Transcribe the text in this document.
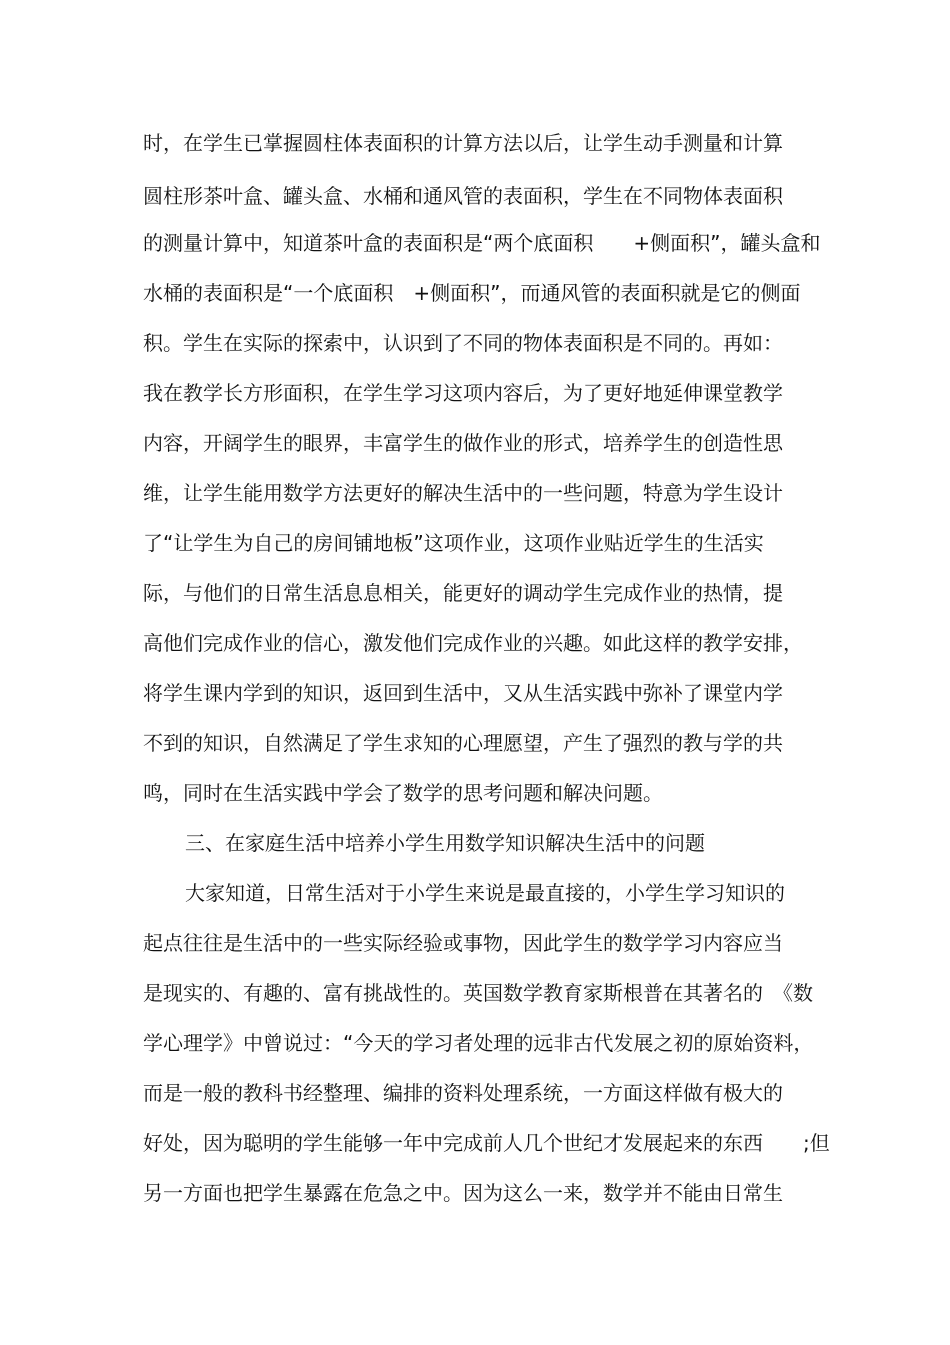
时，在学生已掌握圆柱体表面积的计算方法以后，让学生动手测量和计算
圆柱形茶叶盒、罐头盒、水桶和通风管的表面积，学生在不同物体表面积
的测量计算中，知道茶叶盒的表面积是“两个底面积　　+侧面积”，罐头盒和
水桶的表面积是“一个底面积　+侧面积”，而通风管的表面积就是它的侧面
积。学生在实际的探索中，认识到了不同的物体表面积是不同的。再如：
我在教学长方形面积，在学生学习这项内容后，为了更好地延伸课堂教学
内容，开阔学生的眼界，丰富学生的做作业的形式，培养学生的创造性思
维，让学生能用数学方法更好的解决生活中的一些问题，特意为学生设计
了“让学生为自己的房间铺地板”这项作业，这项作业贴近学生的生活实
际，与他们的日常生活息息相关，能更好的调动学生完成作业的热情，提
高他们完成作业的信心，激发他们完成作业的兴趣。如此这样的教学安排，
将学生课内学到的知识，返回到生活中，又从生活实践中弥补了课堂内学
不到的知识，自然满足了学生求知的心理愿望，产生了强烈的教与学的共
鸣，同时在生活实践中学会了数学的思考问题和解决问题。
三、在家庭生活中培养小学生用数学知识解决生活中的问题
大家知道，日常生活对于小学生来说是最直接的，小学生学习知识的
起点往往是生活中的一些实际经验或事物，因此学生的数学学习内容应当
是现实的、有趣的、富有挑战性的。英国数学教育家斯根普在其著名的　《数
学心理学》中曾说过：“今天的学习者处理的远非古代发展之初的原始资料，
而是一般的教科书经整理、编排的资料处理系统，一方面这样做有极大的
好处，因为聪明的学生能够一年中完成前人几个世纪才发展起来的东西　　;但
另一方面也把学生暴露在危急之中。因为这么一来，数学并不能由日常生
